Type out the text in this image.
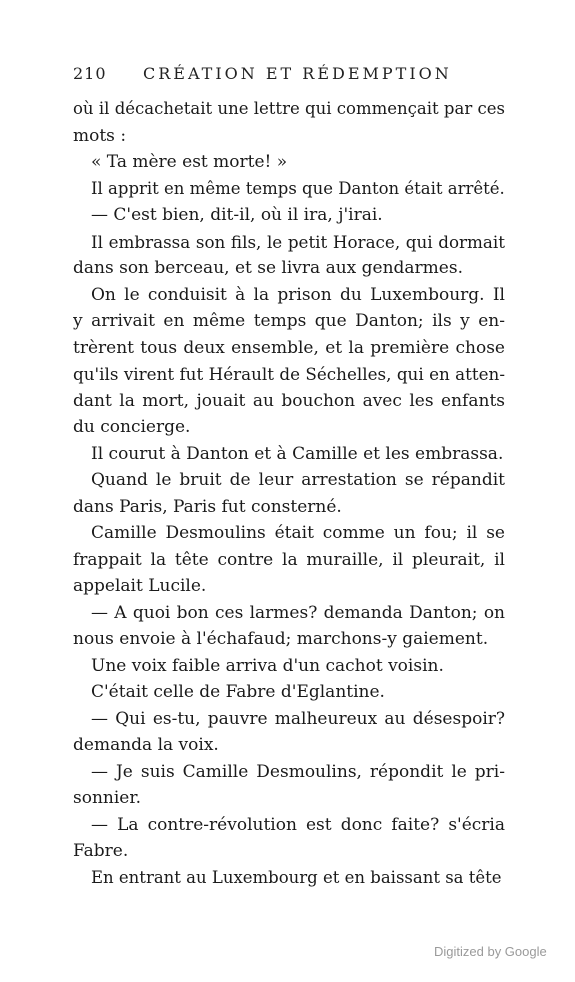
210 CRÉATION ET RÉDEMPTION
où il décachetait une lettre qui commençait par ces
mots :
« Ta mère est morte! »
Il apprit en même temps que Danton était arrêté.
— C'est bien, dit-il, où il ira, j'irai.
Il embrassa son fils, le petit Horace, qui dormait
dans son berceau, et se livra aux gendarmes.
On le conduisit à la prison du Luxembourg. Il
y arrivait en même temps que Danton; ils y en-
trèrent tous deux ensemble, et la première chose
qu'ils virent fut Hérault de Séchelles, qui en atten-
dant la mort, jouait au bouchon avec les enfants
du concierge.
Il courut à Danton et à Camille et les embrassa.
Quand le bruit de leur arrestation se répandit
dans Paris, Paris fut consterné.
Camille Desmoulins était comme un fou; il se
frappait la tête contre la muraille, il pleurait, il
appelait Lucile.
— A quoi bon ces larmes? demanda Danton; on
nous envoie à l'échafaud; marchons-y gaiement.
Une voix faible arriva d'un cachot voisin.
C'était celle de Fabre d'Eglantine.
— Qui es-tu, pauvre malheureux au désespoir?
demanda la voix.
— Je suis Camille Desmoulins, répondit le pri-
sonnier.
— La contre-révolution est donc faite? s'écria
Fabre.
En entrant au Luxembourg et en baissant sa tête
Digitized by Google
